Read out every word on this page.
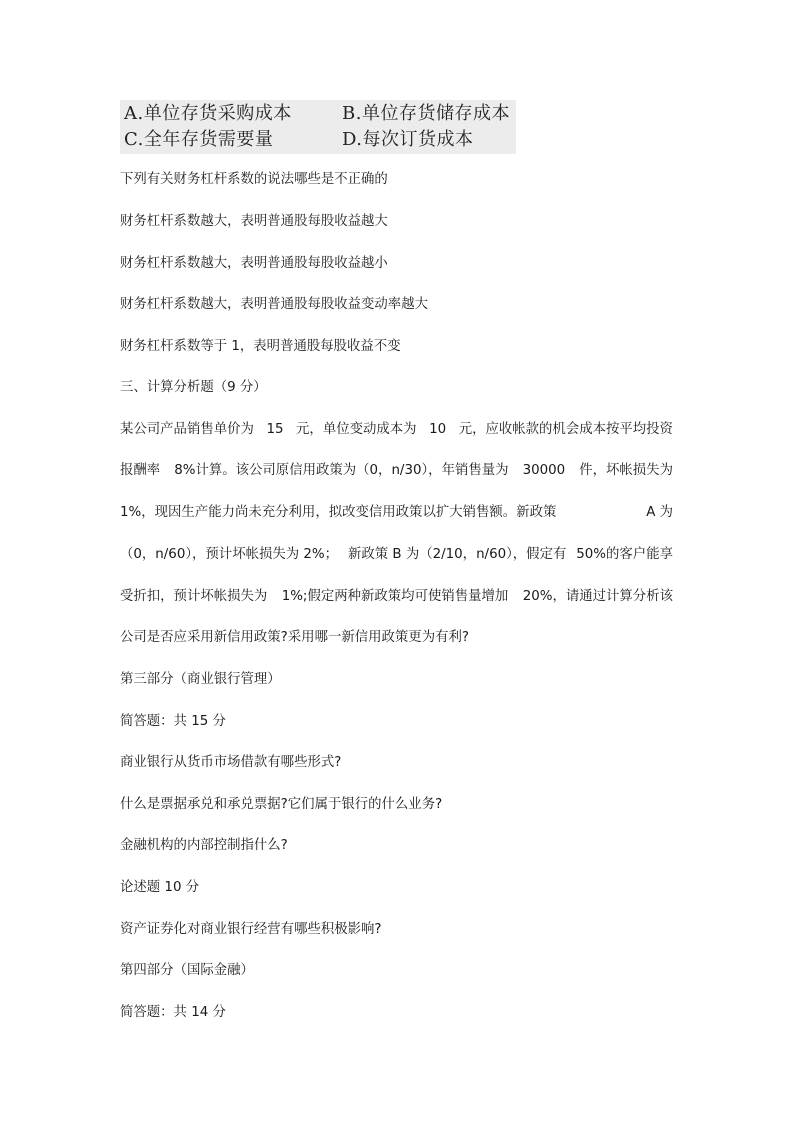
A.单位存货采购成本	B.单位存货储存成本
C.全年存货需要量	D.每次订货成本
下列有关财务杠杆系数的说法哪些是不正确的
财务杠杆系数越大，表明普通股每股收益越大
财务杠杆系数越大，表明普通股每股收益越小
财务杠杆系数越大，表明普通股每股收益变动率越大
财务杠杆系数等于 1，表明普通股每股收益不变
三、计算分析题（9 分）
某公司产品销售单价为 15 元，单位变动成本为 10 元，应收帐款的机会成本按平均投资
报酬率 8%计算。该公司原信用政策为（0，n/30），年销售量为 30000 件，坏帐损失为
1%，现因生产能力尚未充分利用，拟改变信用政策以扩大销售额。新政策	A 为
（0，n/60），预计坏帐损失为 2%； 新政策 B 为（2/10，n/60），假定有 50%的客户能享
受折扣，预计坏帐损失为 1%;假定两种新政策均可使销售量增加 20%，请通过计算分析该
公司是否应采用新信用政策?采用哪一新信用政策更为有利?
第三部分（商业银行管理）
简答题：共 15 分
商业银行从货币市场借款有哪些形式?
什么是票据承兑和承兑票据?它们属于银行的什么业务?
金融机构的内部控制指什么?
论述题 10 分
资产证券化对商业银行经营有哪些积极影响?
第四部分（国际金融）
简答题：共 14 分
